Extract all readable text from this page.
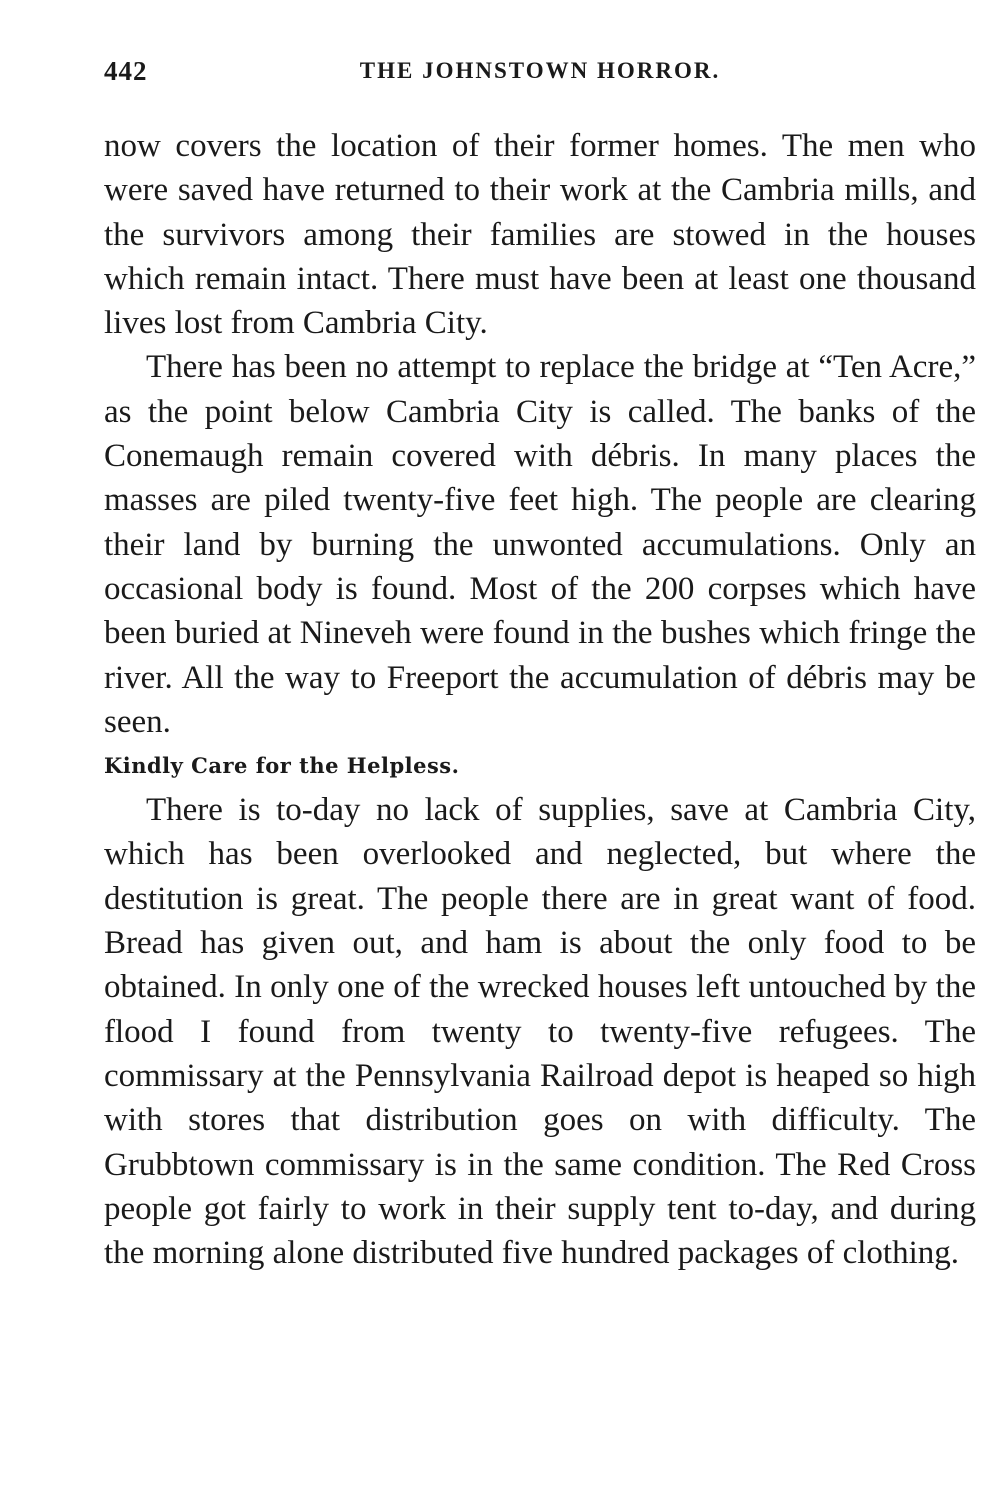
442	THE JOHNSTOWN HORROR.

now covers the location of their former homes. The men who were saved have returned to their work at the Cambria mills, and the survivors among their families are stowed in the houses which remain intact. There must have been at least one thousand lives lost from Cambria City.

There has been no attempt to replace the bridge at “Ten Acre,” as the point below Cambria City is called. The banks of the Conemaugh remain covered with débris. In many places the masses are piled twenty-five feet high. The people are clearing their land by burning the unwonted accumulations. Only an occasional body is found. Most of the 200 corpses which have been buried at Nineveh were found in the bushes which fringe the river. All the way to Freeport the accumulation of débris may be seen.

Kindly Care for the Helpless.

There is to-day no lack of supplies, save at Cambria City, which has been overlooked and neglected, but where the destitution is great. The people there are in great want of food. Bread has given out, and ham is about the only food to be obtained. In only one of the wrecked houses left untouched by the flood I found from twenty to twenty-five refugees. The commissary at the Pennsylvania Railroad depot is heaped so high with stores that distribution goes on with difficulty. The Grubbtown commissary is in the same condition. The Red Cross people got fairly to work in their supply tent to-day, and during the morning alone distributed five hundred packages of clothing.
